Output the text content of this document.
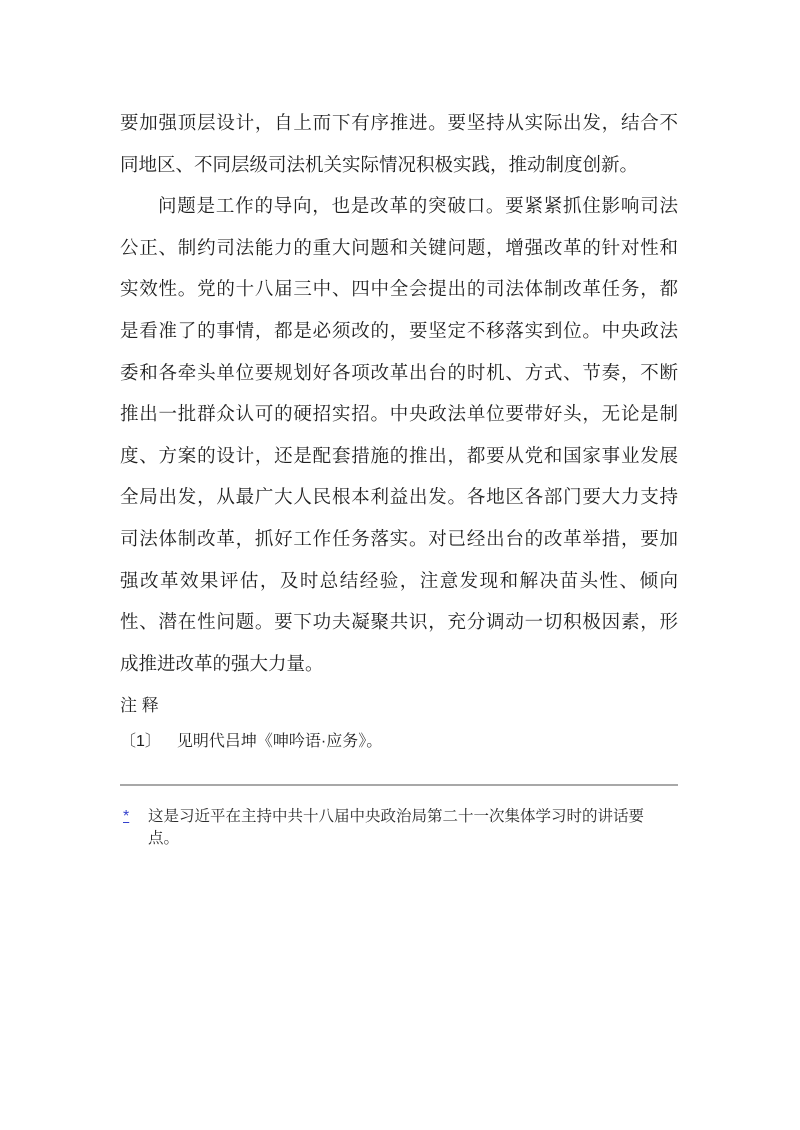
要加强顶层设计，自上而下有序推进。要坚持从实际出发，结合不
同地区、不同层级司法机关实际情况积极实践，推动制度创新。
问题是工作的导向，也是改革的突破口。要紧紧抓住影响司法
公正、制约司法能力的重大问题和关键问题，增强改革的针对性和
实效性。党的十八届三中、四中全会提出的司法体制改革任务，都
是看准了的事情，都是必须改的，要坚定不移落实到位。中央政法
委和各牵头单位要规划好各项改革出台的时机、方式、节奏，不断
推出一批群众认可的硬招实招。中央政法单位要带好头，无论是制
度、方案的设计，还是配套措施的推出，都要从党和国家事业发展
全局出发，从最广大人民根本利益出发。各地区各部门要大力支持
司法体制改革，抓好工作任务落实。对已经出台的改革举措，要加
强改革效果评估，及时总结经验，注意发现和解决苗头性、倾向
性、潜在性问题。要下功夫凝聚共识，充分调动一切积极因素，形
成推进改革的强大力量。
注 释
〔1〕 见明代吕坤《呻吟语·应务》。
*	这是习近平在主持中共十八届中央政治局第二十一次集体学习时的讲话要
点。
